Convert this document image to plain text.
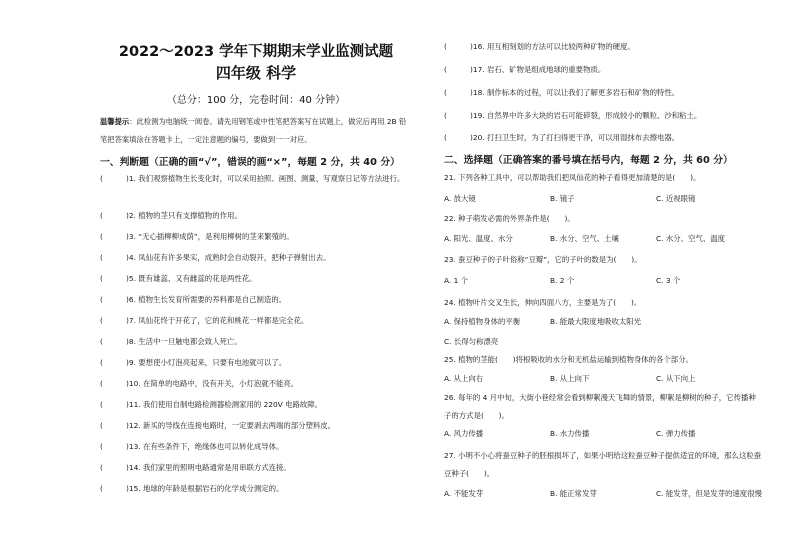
2022～2023 学年下期期末学业监测试题
四年级 科学
（总分：100 分，完卷时间：40 分钟）
温馨提示：此检测为电脑统一阅卷。请先用钢笔或中性笔把答案写在试题上，做完后再用 2B 铅笔把答案填涂在答题卡上，一定注意题的编号，要做到一一对应。
一、判断题（正确的画“√”，错误的画“×”，每题 2 分，共 40 分）
(	)1. 我们观察植物生长变化时，可以采用拍照、画图、测量、写观察日记等方法进行。
(	)2. 植物的茎只有支撑植物的作用。
(	)3. “无心插柳柳成荫”，是利用柳树的茎来繁殖的。
(	)4. 凤仙花有许多果实，成熟时会自动裂开，把种子弹射出去。
(	)5. 既有雄蕊、又有雌蕊的花是两性花。
(	)6. 植物生长发育所需要的养料都是自己制造的。
(	)7. 凤仙花终于开花了，它的花和桃花一样都是完全花。
(	)8. 生活中一旦触电都会致人死亡。
(	)9. 要想使小灯泡亮起来，只要有电池就可以了。
(	)10. 在简单的电路中，没有开关，小灯泡就不能亮。
(	)11. 我们使用自制电路检测器检测家用的 220V 电路故障。
(	)12. 新买的导线在连接电路时，一定要剥去两端的部分塑料皮。
(	)13. 在有些条件下，绝缘体也可以转化成导体。
(	)14. 我们家里的照明电路通常是用串联方式连接。
(	)15. 地球的年龄是根据岩石的化学成分测定的。
(	)16. 用互相刻划的方法可以比较两种矿物的硬度。
(	)17. 岩石、矿物是组成地球的重要物质。
(	)18. 制作标本的过程，可以让我们了解更多岩石和矿物的特性。
(	)19. 自然界中许多大块的岩石可能碎裂，形成较小的颗粒、沙和粘土。
(	)20. 打扫卫生时，为了打扫得更干净，可以用湿抹布去擦电器。
二、选择题（正确答案的番号填在括号内，每题 2 分，共 60 分）
21. 下列各种工具中，可以帮助我们把凤仙花的种子看得更加清楚的是(　　)。
A. 放大镜	B. 镜子	C. 近视眼镜
22. 种子萌发必需的外界条件是(　　)。
A. 阳光、温度、水分	B. 水分、空气、土壤	C. 水分、空气、温度
23. 蚕豆种子的子叶俗称“豆瓣”，它的子叶的数是为(　　)。
A. 1 个	B. 2 个	C. 3 个
24. 植物叶片交叉生长，伸向四面八方，主要是为了(　　)。
A. 保持植物身体的平衡	B. 能最大限度地吸收太阳光
C. 长得匀称漂亮
25. 植物的茎能(　　)将根吸收的水分和无机盐运输到植物身体的各个部分。
A. 从上向右	B. 从上向下	C. 从下向上
26. 每年的 4 月中旬，大街小巷经常会看到柳絮漫天飞舞的情景，柳絮是柳树的种子，它传播种子的方式是(　　)。
A. 风力传播	B. 水力传播	C. 弹力传播
27. 小明不小心将蚕豆种子的胚根损坏了，如果小明给这粒蚕豆种子提供适宜的环境，那么这粒蚕豆种子(　　)。
A. 不能发芽	B. 能正常发芽	C. 能发芽，但是发芽的速度很慢
